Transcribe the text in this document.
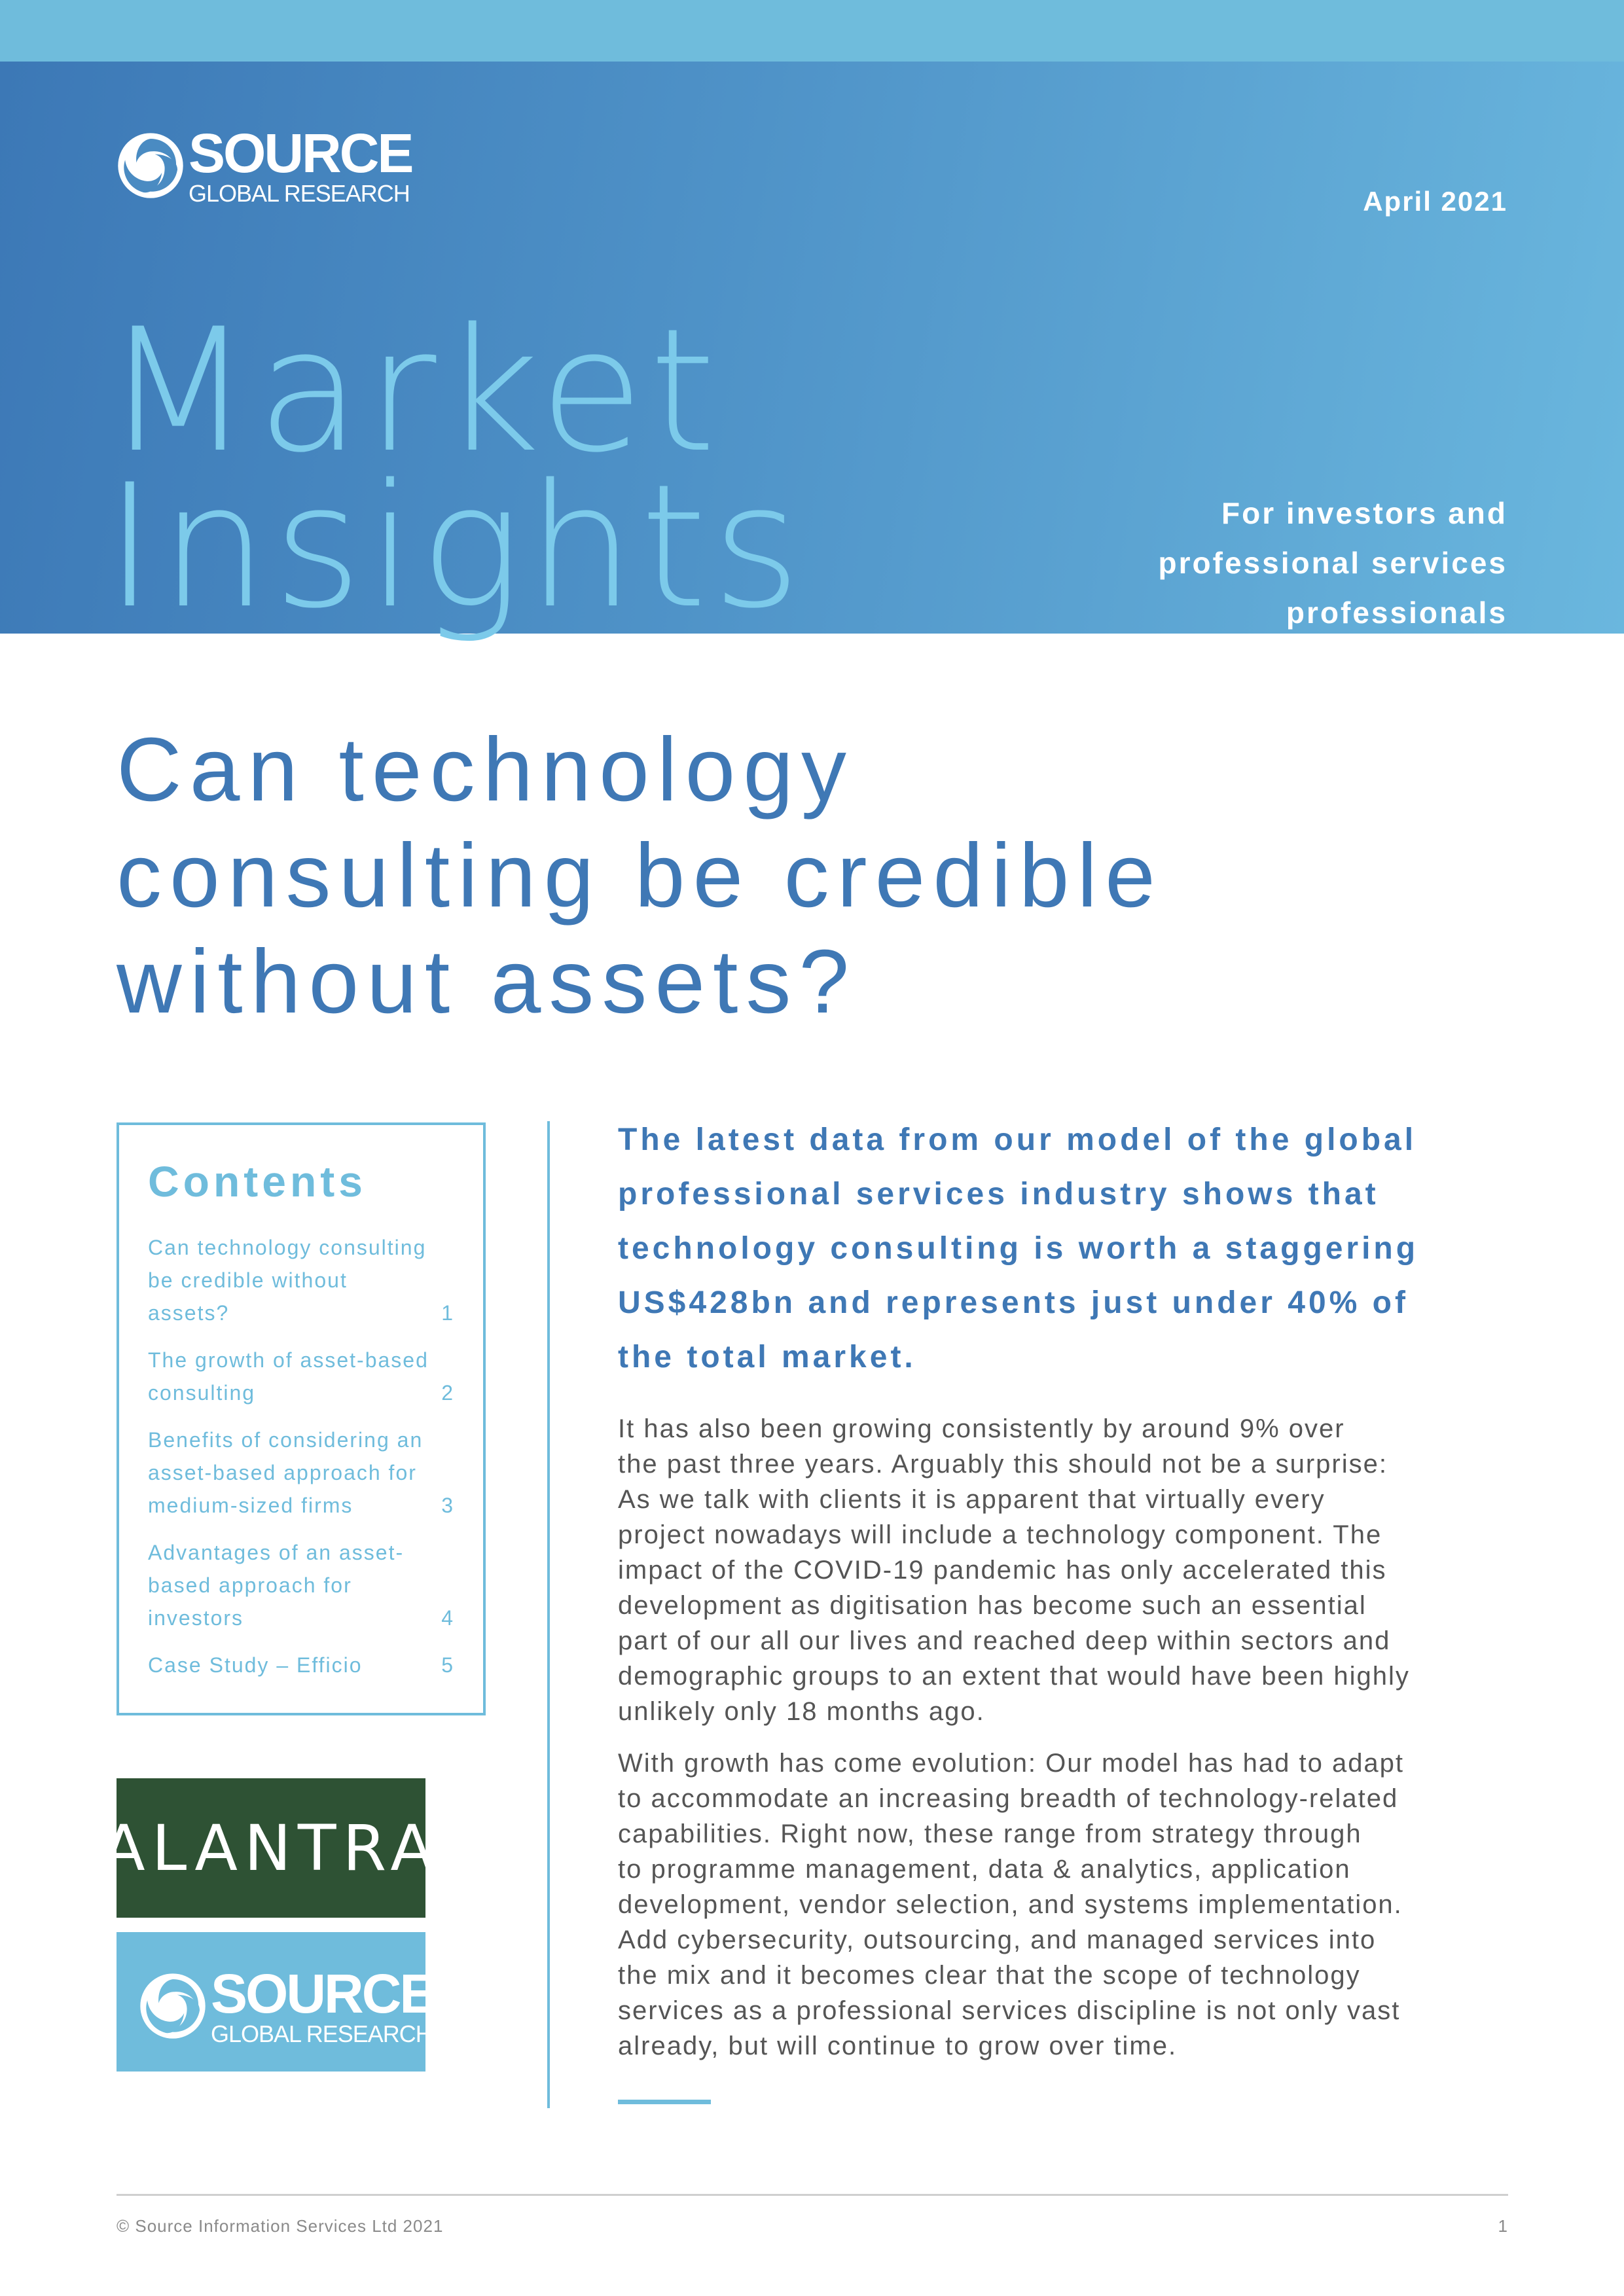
SOURCE
GLOBAL RESEARCH	April 2021
Market
Insights	For investors and
professional services
professionals
Can technology
consulting be credible
without assets?
Contents
Can technology consulting be credible without assets?	1
The growth of asset-based consulting	2
Benefits of considering an asset-based approach for medium-sized firms	3
Advantages of an asset-based approach for investors	4
Case Study – Efficio	5
ALANTRA
SOURCE
GLOBAL RESEARCH
The latest data from our model of the global
professional services industry shows that
technology consulting is worth a staggering
US$428bn and represents just under 40% of
the total market.
It has also been growing consistently by around 9% over
the past three years. Arguably this should not be a surprise:
As we talk with clients it is apparent that virtually every
project nowadays will include a technology component. The
impact of the COVID-19 pandemic has only accelerated this
development as digitisation has become such an essential
part of our all our lives and reached deep within sectors and
demographic groups to an extent that would have been highly
unlikely only 18 months ago.
With growth has come evolution: Our model has had to adapt
to accommodate an increasing breadth of technology-related
capabilities. Right now, these range from strategy through
to programme management, data & analytics, application
development, vendor selection, and systems implementation.
Add cybersecurity, outsourcing, and managed services into
the mix and it becomes clear that the scope of technology
services as a professional services discipline is not only vast
already, but will continue to grow over time.
© Source Information Services Ltd 2021	1
